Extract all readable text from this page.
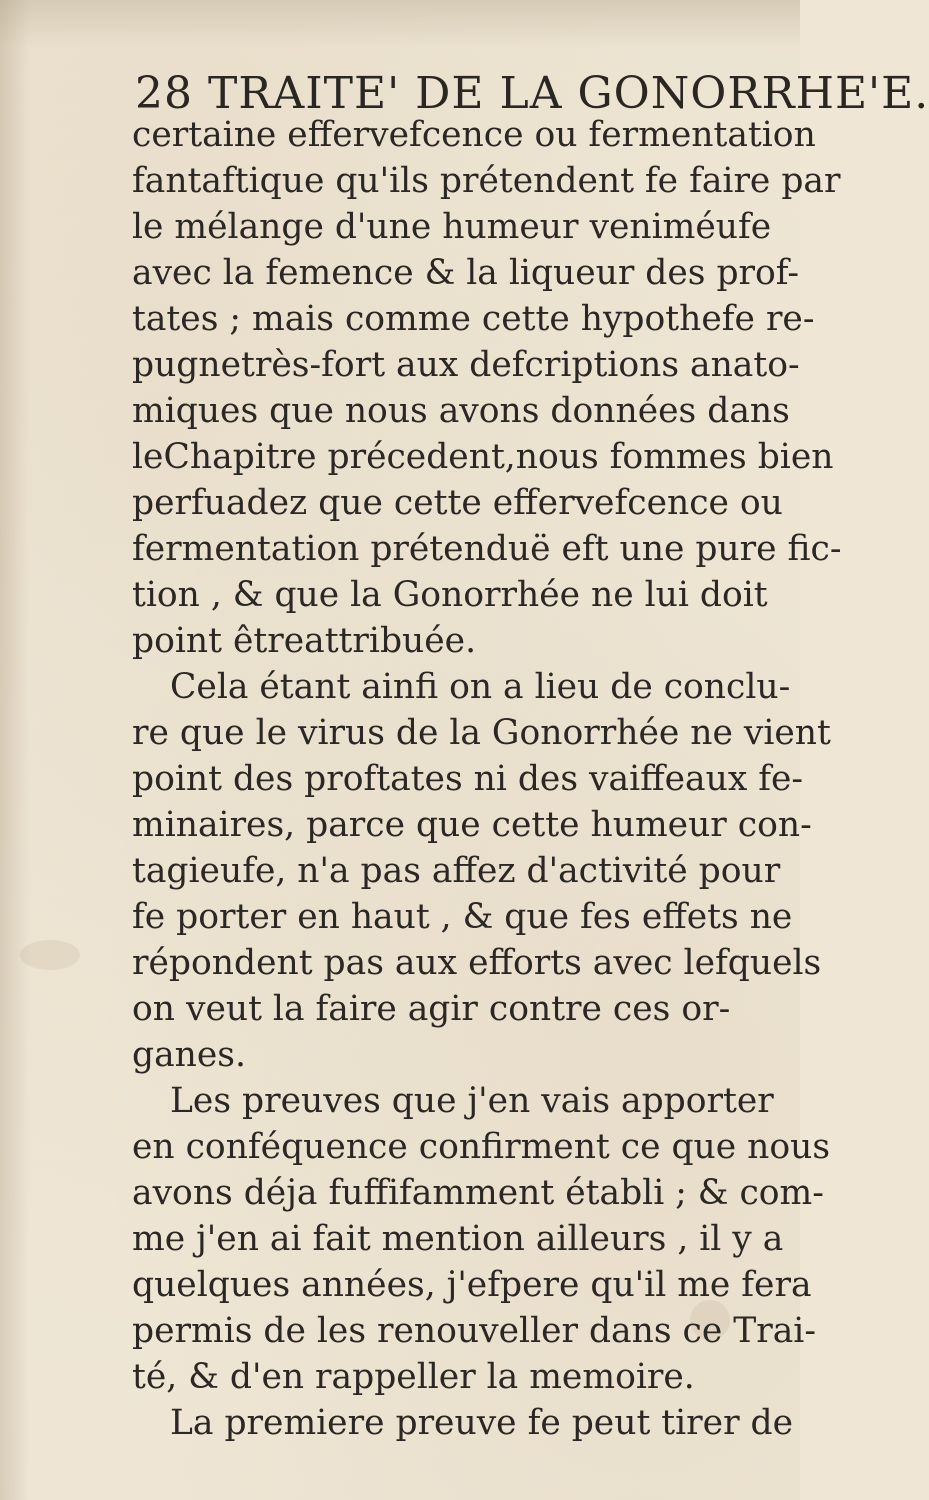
28 TRAITE' DE LA GONORRHE'E.
certaine effervefcence ou fermentation
fantaftique qu'ils prétendent fe faire par
le mélange d'une humeur veniméufe
avec la femence & la liqueur des prof-
tates ; mais comme cette hypothefe re-
pugnetrès-fort aux defcriptions anato-
miques que nous avons données dans
leChapitre précedent,nous fommes bien
perfuadez que cette effervefcence ou
fermentation prétenduë eft une pure fic-
tion , & que la Gonorrhée ne lui doit
point êtreattribuée.
Cela étant ainfi on a lieu de conclu-
re que le virus de la Gonorrhée ne vient
point des proftates ni des vaiffeaux fe-
minaires, parce que cette humeur con-
tagieufe, n'a pas affez d'activité pour
fe porter en haut , & que fes effets ne
répondent pas aux efforts avec lefquels
on veut la faire agir contre ces or-
ganes.
Les preuves que j'en vais apporter
en conféquence confirment ce que nous
avons déja fuffifamment établi ; & com-
me j'en ai fait mention ailleurs , il y a
quelques années, j'efpere qu'il me fera
permis de les renouveller dans ce Trai-
té, & d'en rappeller la memoire.
La premiere preuve fe peut tirer de
